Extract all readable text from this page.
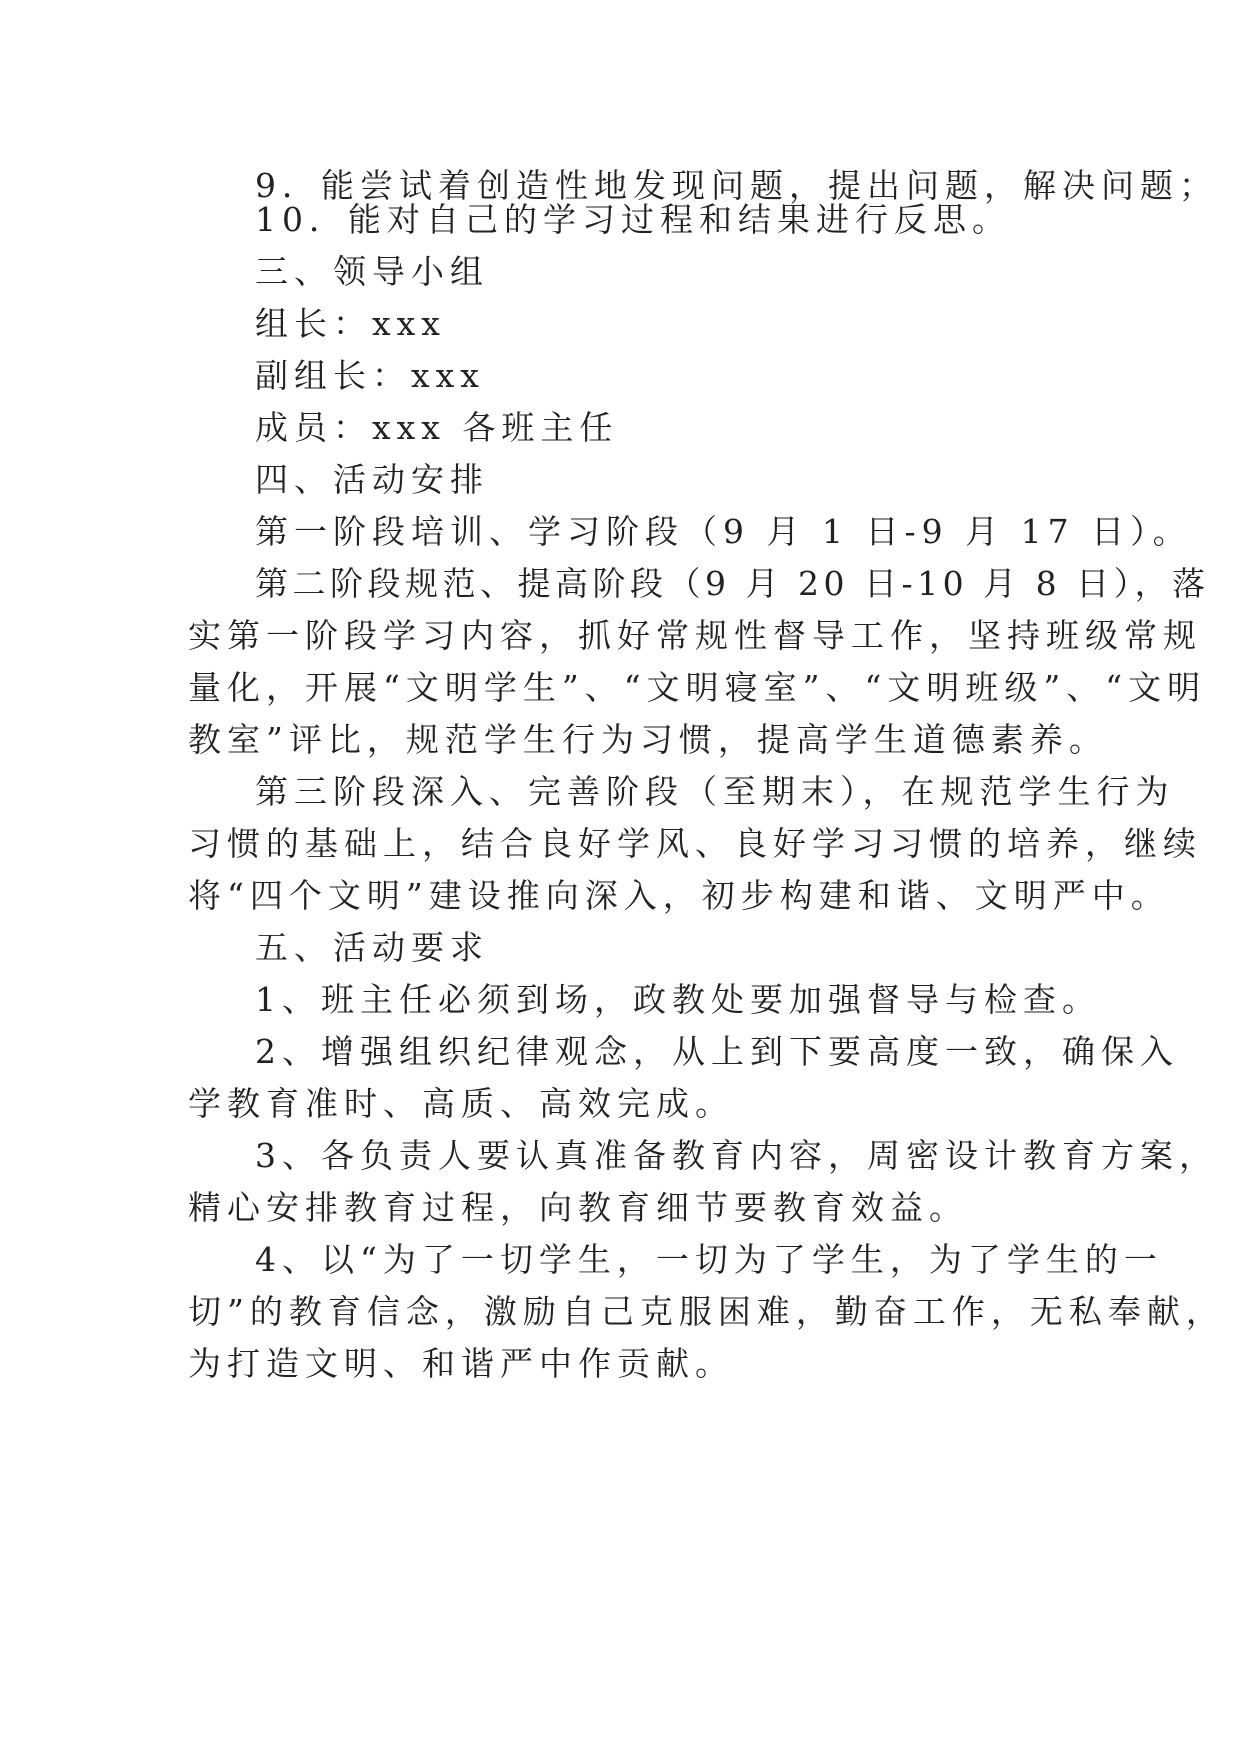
9．能尝试着创造性地发现问题，提出问题，解决问题；
10．能对自己的学习过程和结果进行反思。
三、领导小组
组长：xxx
副组长：xxx
成员：xxx 各班主任
四、活动安排
第一阶段培训、学习阶段（9 月 1 日-9 月 17 日）。
第二阶段规范、提高阶段（9 月 20 日-10 月 8 日），落
实第一阶段学习内容，抓好常规性督导工作，坚持班级常规
量化，开展“文明学生”、“文明寝室”、“文明班级”、“文明
教室”评比，规范学生行为习惯，提高学生道德素养。
第三阶段深入、完善阶段（至期末），在规范学生行为
习惯的基础上，结合良好学风、良好学习习惯的培养，继续
将“四个文明”建设推向深入，初步构建和谐、文明严中。
五、活动要求
1、班主任必须到场，政教处要加强督导与检查。
2、增强组织纪律观念，从上到下要高度一致，确保入
学教育准时、高质、高效完成。
3、各负责人要认真准备教育内容，周密设计教育方案，
精心安排教育过程，向教育细节要教育效益。
4、以“为了一切学生，一切为了学生，为了学生的一
切”的教育信念，激励自己克服困难，勤奋工作，无私奉献，
为打造文明、和谐严中作贡献。
